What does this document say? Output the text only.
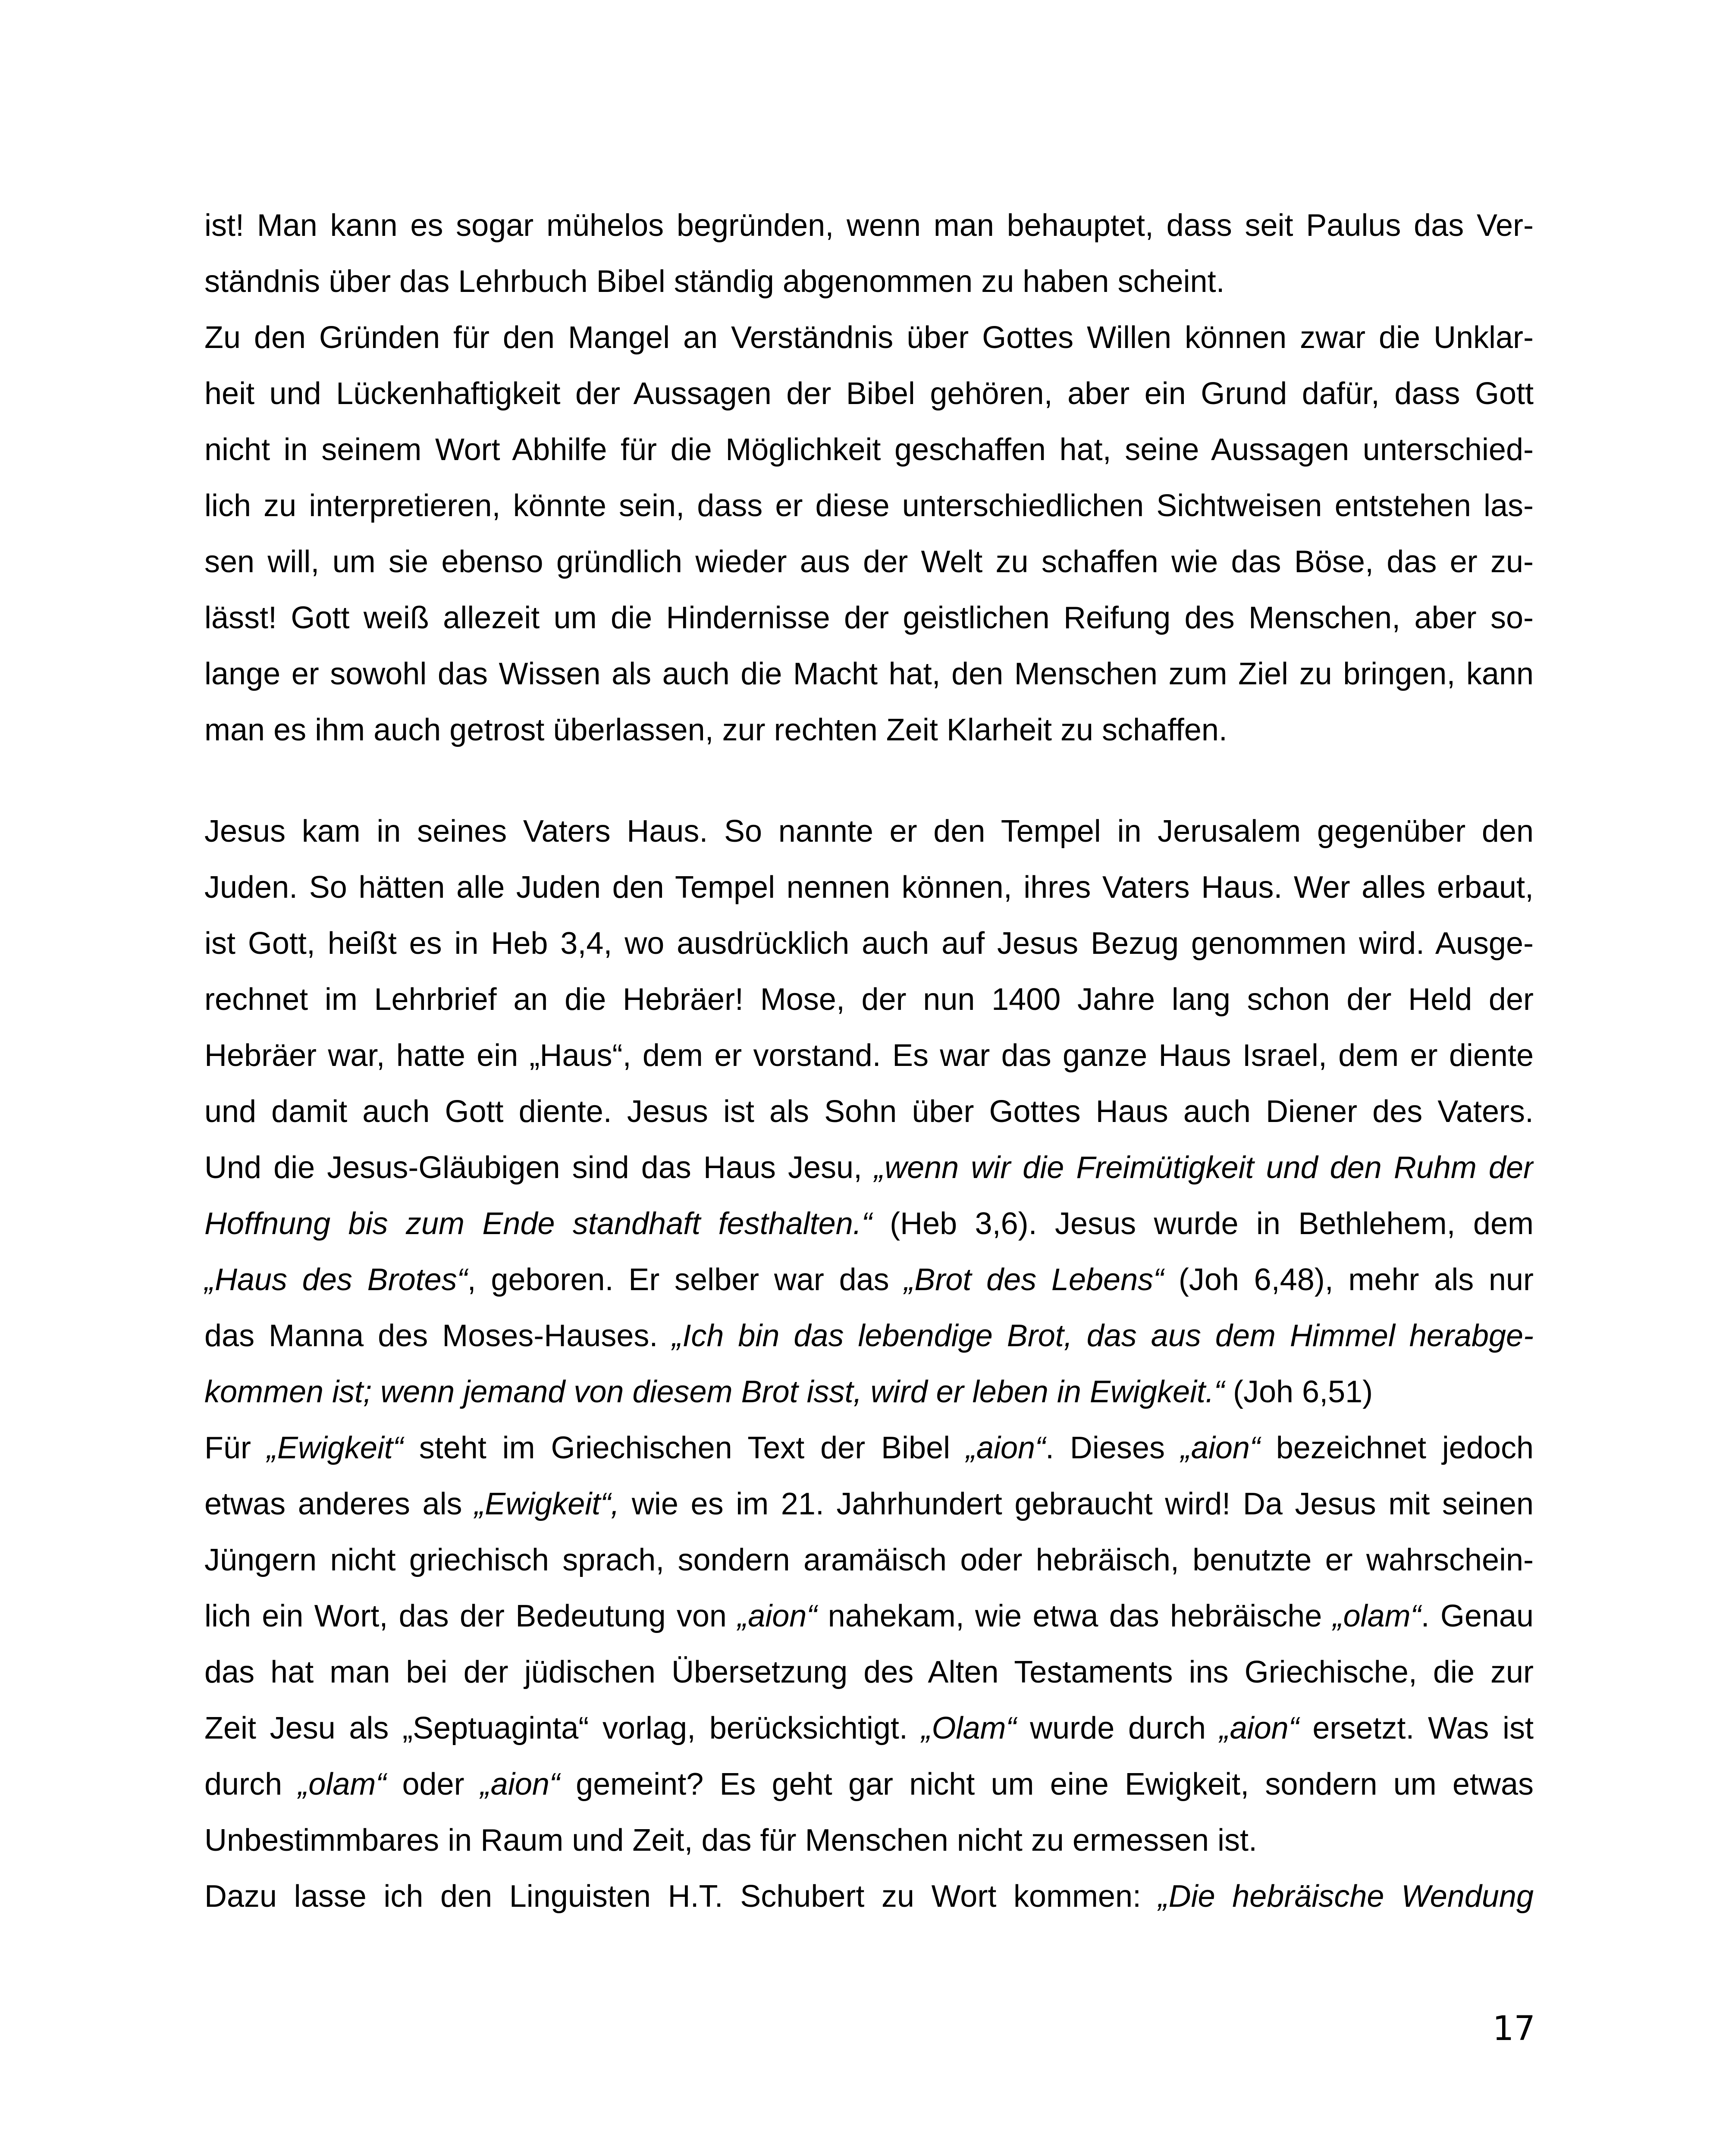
ist! Man kann es sogar mühelos begründen, wenn man behauptet, dass seit Paulus das Ver-
ständnis über das Lehrbuch Bibel ständig abgenommen zu haben scheint.
Zu den Gründen für den Mangel an Verständnis über Gottes Willen können zwar die Unklar-
heit und Lückenhaftigkeit der Aussagen der Bibel gehören, aber ein Grund dafür, dass Gott
nicht in seinem Wort Abhilfe für die Möglichkeit geschaffen hat, seine Aussagen unterschied-
lich zu interpretieren, könnte sein, dass er diese unterschiedlichen Sichtweisen entstehen las-
sen will, um sie ebenso gründlich wieder aus der Welt zu schaffen wie das Böse, das er zu-
lässt! Gott weiß allezeit um die Hindernisse der geistlichen Reifung des Menschen, aber so-
lange er sowohl das Wissen als auch die Macht hat, den Menschen zum Ziel zu bringen, kann
man es ihm auch getrost überlassen, zur rechten Zeit Klarheit zu schaffen.
Jesus kam in seines Vaters Haus. So nannte er den Tempel in Jerusalem gegenüber den
Juden. So hätten alle Juden den Tempel nennen können, ihres Vaters Haus. Wer alles erbaut,
ist Gott, heißt es in Heb 3,4, wo ausdrücklich auch auf Jesus Bezug genommen wird. Ausge-
rechnet im Lehrbrief an die Hebräer! Mose, der nun 1400 Jahre lang schon der Held der
Hebräer war, hatte ein „Haus“, dem er vorstand. Es war das ganze Haus Israel, dem er diente
und damit auch Gott diente. Jesus ist als Sohn über Gottes Haus auch Diener des Vaters.
Und die Jesus-Gläubigen sind das Haus Jesu, „wenn wir die Freimütigkeit und den Ruhm der
Hoffnung bis zum Ende standhaft festhalten.“ (Heb 3,6). Jesus wurde in Bethlehem, dem
„Haus des Brotes“, geboren. Er selber war das „Brot des Lebens“ (Joh 6,48), mehr als nur
das Manna des Moses-Hauses. „Ich bin das lebendige Brot, das aus dem Himmel herabge-
kommen ist; wenn jemand von diesem Brot isst, wird er leben in Ewigkeit.“ (Joh 6,51)
Für „Ewigkeit“ steht im Griechischen Text der Bibel „aion“. Dieses „aion“ bezeichnet jedoch
etwas anderes als „Ewigkeit“, wie es im 21. Jahrhundert gebraucht wird! Da Jesus mit seinen
Jüngern nicht griechisch sprach, sondern aramäisch oder hebräisch, benutzte er wahrschein-
lich ein Wort, das der Bedeutung von „aion“ nahekam, wie etwa das hebräische „olam“. Genau
das hat man bei der jüdischen Übersetzung des Alten Testaments ins Griechische, die zur
Zeit Jesu als „Septuaginta“ vorlag, berücksichtigt. „Olam“ wurde durch „aion“ ersetzt. Was ist
durch „olam“ oder „aion“ gemeint? Es geht gar nicht um eine Ewigkeit, sondern um etwas
Unbestimmbares in Raum und Zeit, das für Menschen nicht zu ermessen ist.
Dazu lasse ich den Linguisten H.T. Schubert zu Wort kommen: „Die hebräische Wendung
17
